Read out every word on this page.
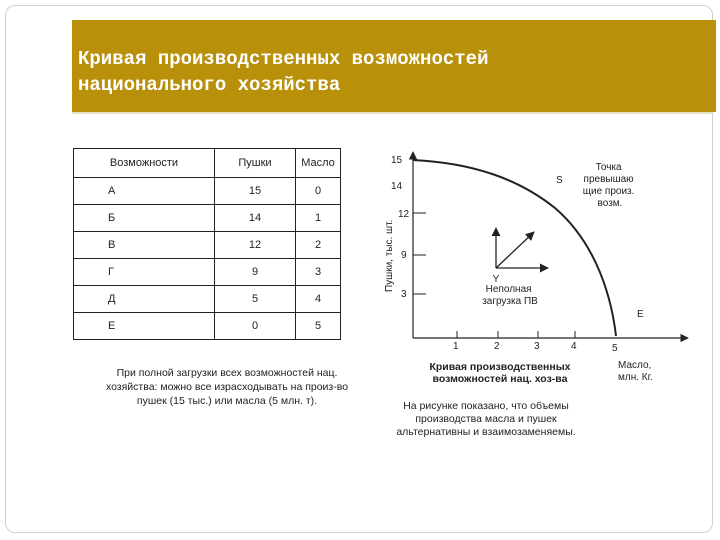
Кривая производственных возможностей
национального хозяйства
Возможности	Пушки	Масло
А	15	0
Б	14	1
В	12	2
Г	9	3
Д	5	4
Е	0	5
При полной загрузки всех возможностей нац.
хозяйства: можно все израсходывать на произ-во
пушек (15 тыс.) или масла (5 млн. т).
15
14
12
9
3
1	2	3	4	5
Пушки, тыс. шт.
Масло, млн. Кг.
S
Точка превышаю щие произ. возм.
Y
Неполная загрузка ПВ
E
Кривая производственных
возможностей нац. хоз-ва
На рисунке показано, что объемы
производства масла и пушек
альтернативны и взаимозаменяемы.
